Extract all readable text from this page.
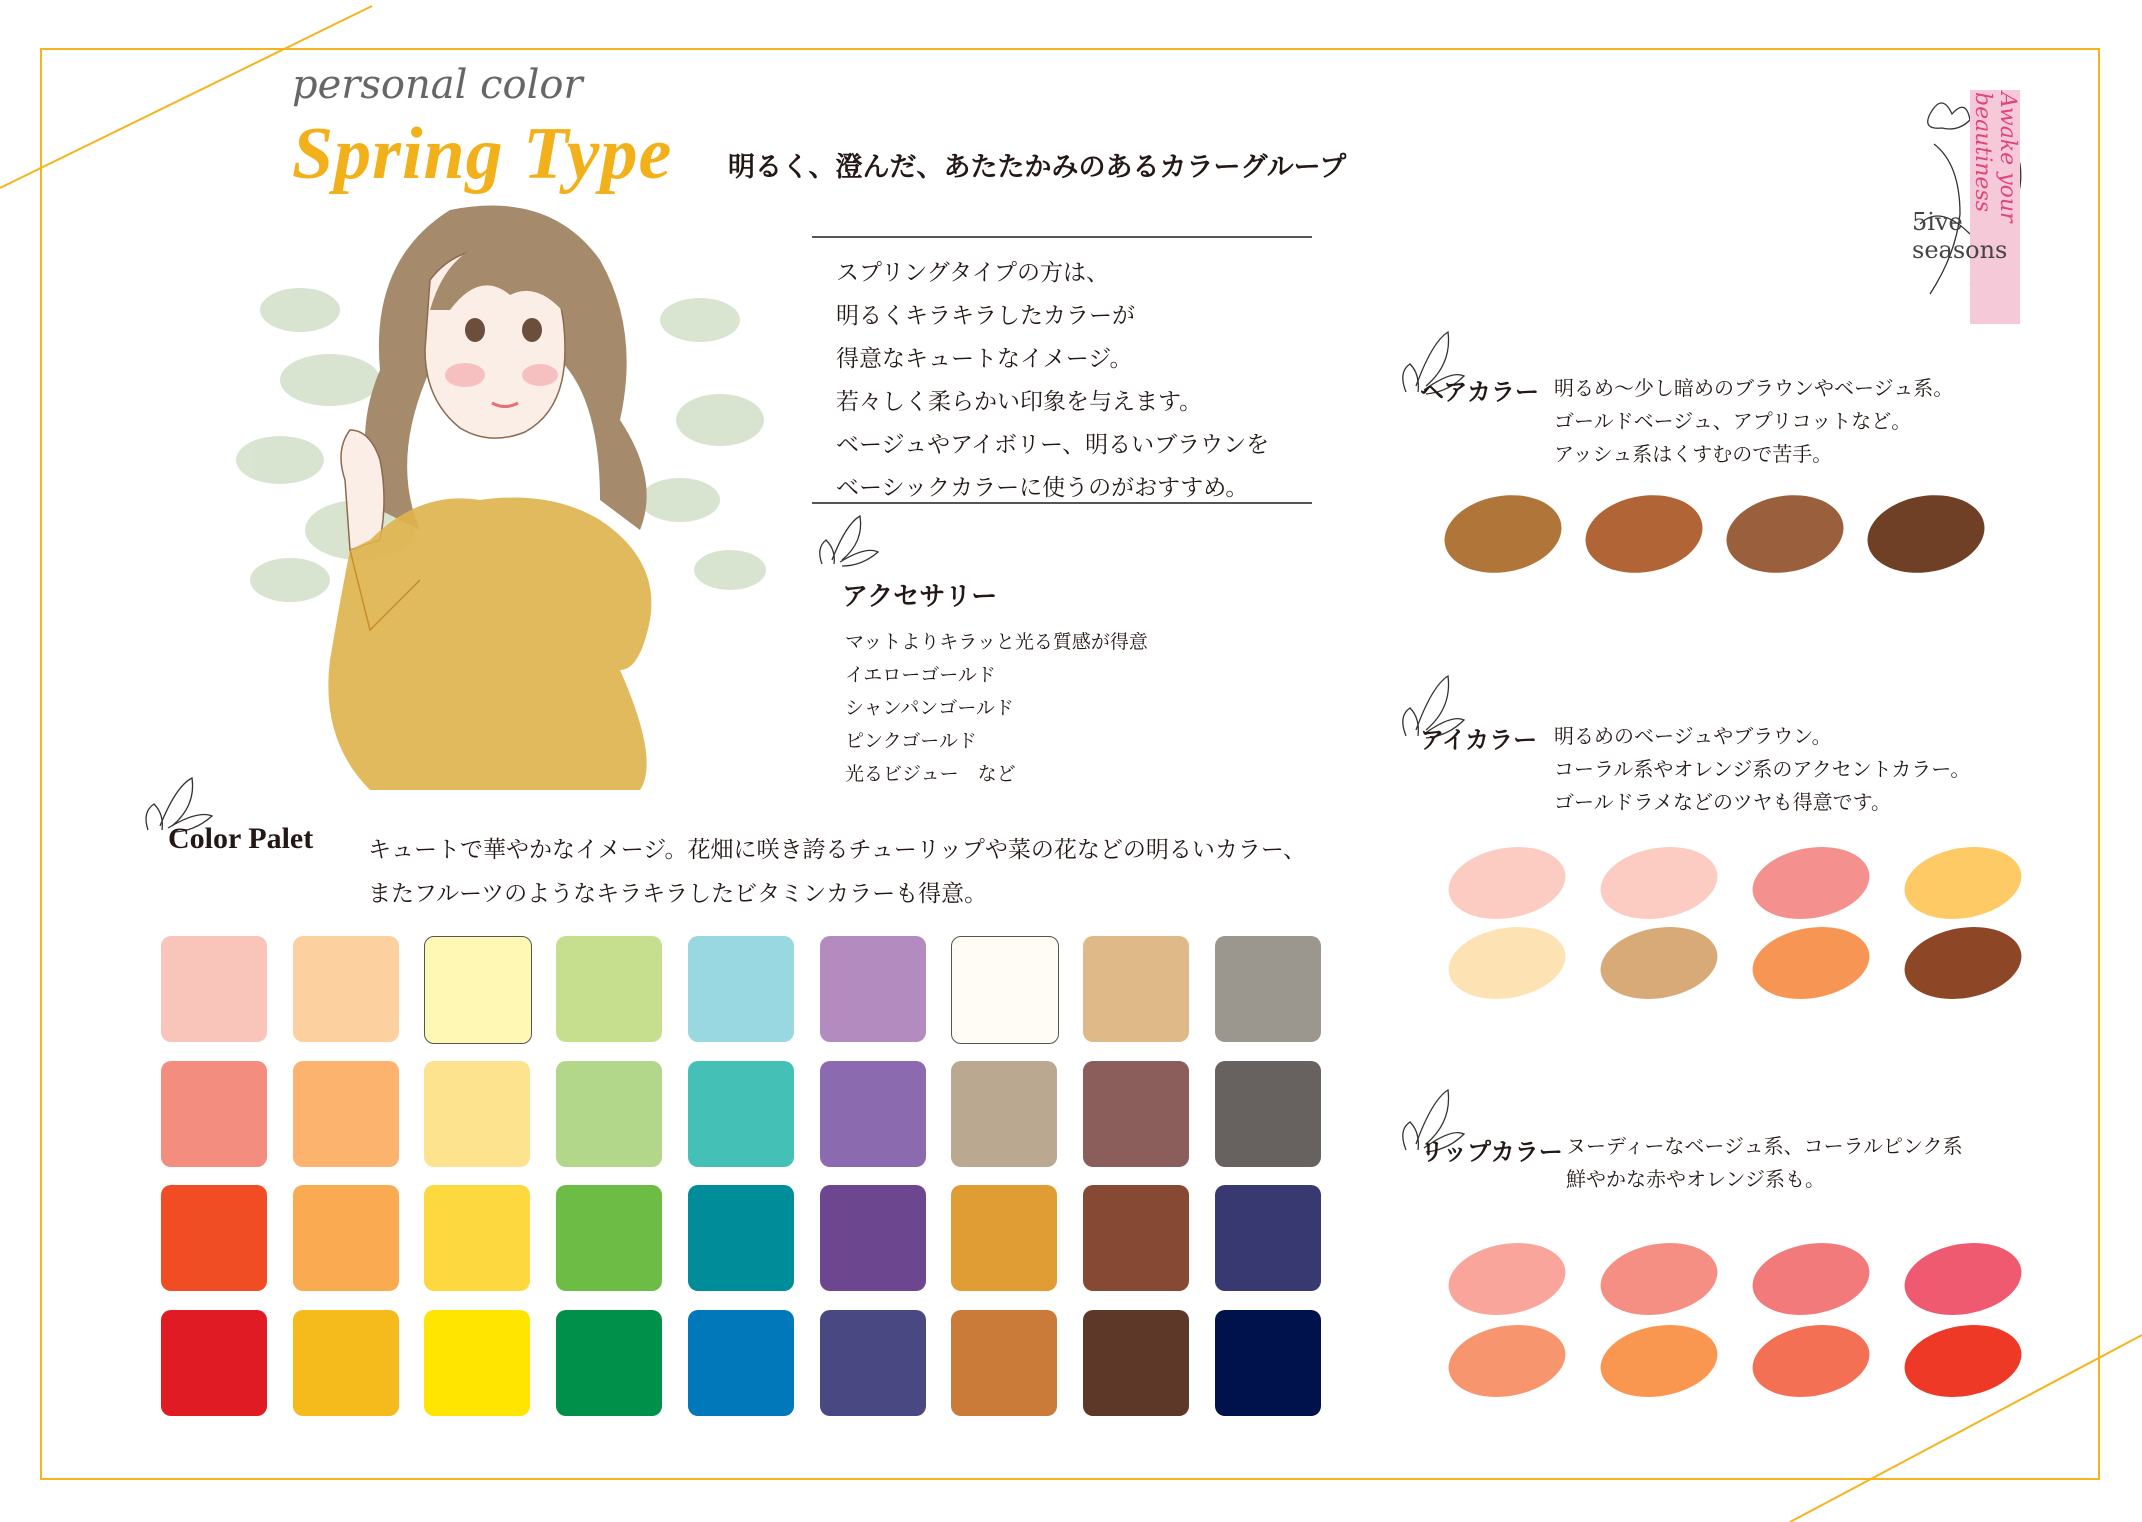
personal color
Spring Type 明るく、澄んだ、あたたかみのあるカラーグループ	Awake your beautiness
5ive seasons
スプリングタイプの方は、
明るくキラキラしたカラーが
得意なキュートなイメージ。
若々しく柔らかい印象を与えます。
ベージュやアイボリー、明るいブラウンを
ベーシックカラーに使うのがおすすめ。
アクセサリー
マットよりキラッと光る質感が得意
イエローゴールド
シャンパンゴールド
ピンクゴールド
光るビジュー　など
Color Palet キュートで華やかなイメージ。花畑に咲き誇るチューリップや菜の花などの明るいカラー、
またフルーツのようなキラキラしたビタミンカラーも得意。
ヘアカラー 明るめ〜少し暗めのブラウンやベージュ系。
ゴールドベージュ、アプリコットなど。
アッシュ系はくすむので苦手。
アイカラー 明るめのベージュやブラウン。
コーラル系やオレンジ系のアクセントカラー。
ゴールドラメなどのツヤも得意です。
リップカラー ヌーディーなベージュ系、コーラルピンク系
鮮やかな赤やオレンジ系も。
